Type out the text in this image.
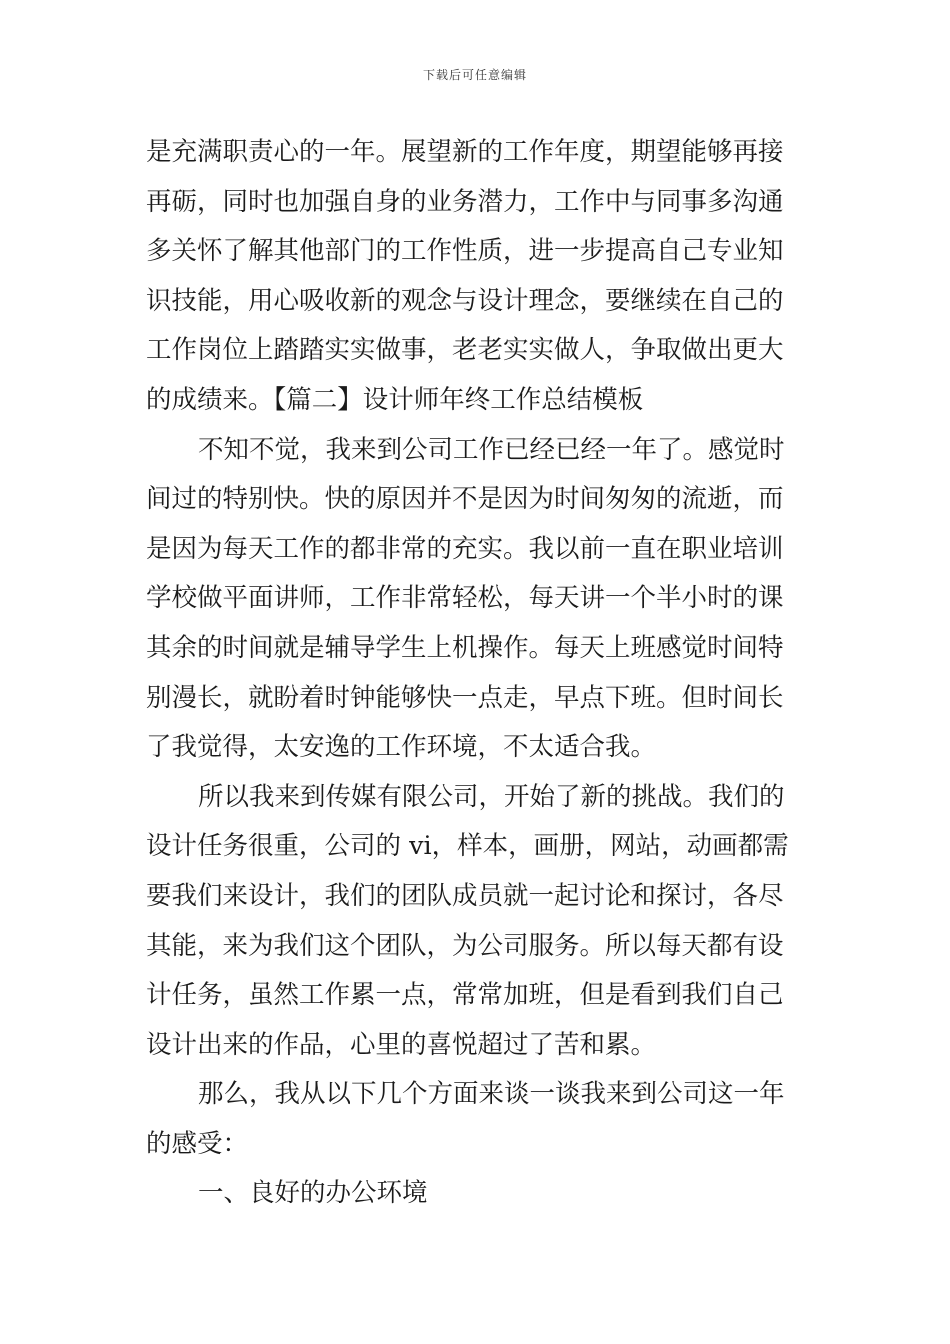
下载后可任意编辑
是充满职责心的一年。展望新的工作年度，期望能够再接
再砺，同时也加强自身的业务潜力，工作中与同事多沟通
多关怀了解其他部门的工作性质，进一步提高自己专业知
识技能，用心吸收新的观念与设计理念，要继续在自己的
工作岗位上踏踏实实做事，老老实实做人，争取做出更大
的成绩来。【篇二】设计师年终工作总结模板
不知不觉，我来到公司工作已经已经一年了。感觉时
间过的特别快。快的原因并不是因为时间匆匆的流逝，而
是因为每天工作的都非常的充实。我以前一直在职业培训
学校做平面讲师，工作非常轻松，每天讲一个半小时的课
其余的时间就是辅导学生上机操作。每天上班感觉时间特
别漫长，就盼着时钟能够快一点走，早点下班。但时间长
了我觉得，太安逸的工作环境，不太适合我。
所以我来到传媒有限公司，开始了新的挑战。我们的
设计任务很重，公司的 vi，样本，画册，网站，动画都需
要我们来设计，我们的团队成员就一起讨论和探讨，各尽
其能，来为我们这个团队，为公司服务。所以每天都有设
计任务，虽然工作累一点，常常加班，但是看到我们自己
设计出来的作品，心里的喜悦超过了苦和累。
那么，我从以下几个方面来谈一谈我来到公司这一年
的感受：
一、良好的办公环境
